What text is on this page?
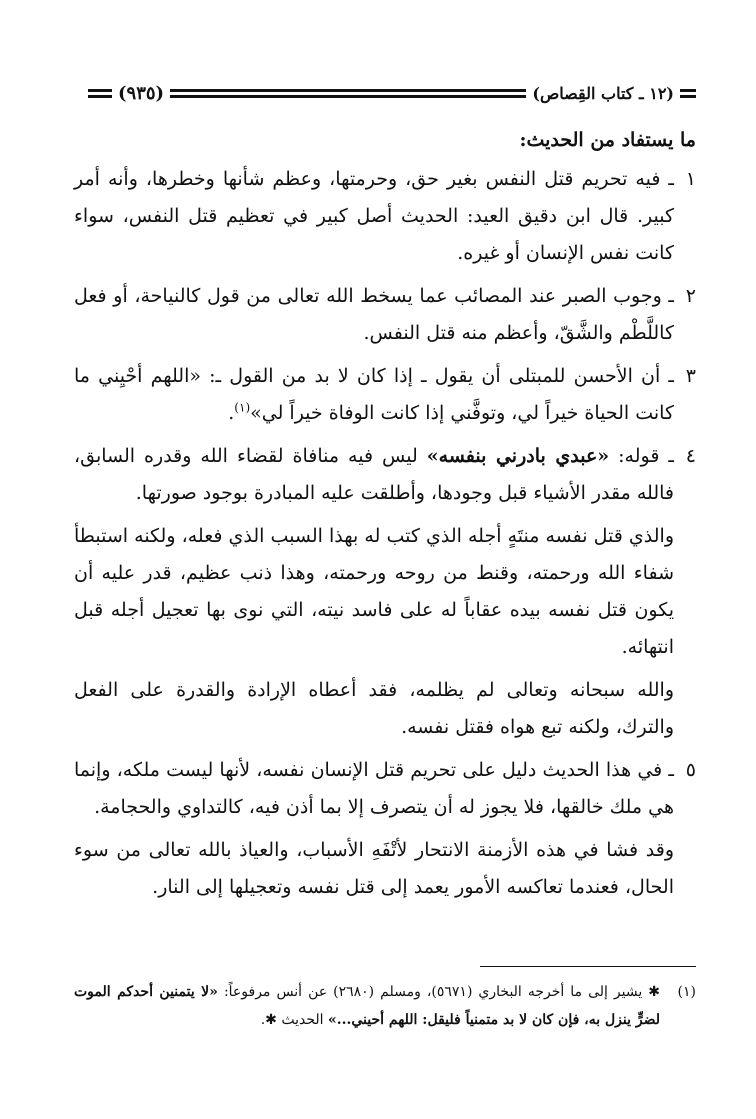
(١٢ ـ كتاب القِصاص)
(٩٣٥)
ما يستفاد من الحديث:
١
ـ فيه تحريم قتل النفس بغير حق، وحرمتها، وعظم شأنها وخطرها، وأنه أمر كبير. قال ابن دقيق العيد: الحديث أصل كبير في تعظيم قتل النفس، سواء كانت نفس الإنسان أو غيره.
٢
ـ وجوب الصبر عند المصائب عما يسخط الله تعالى من قول كالنياحة، أو فعل كاللَّطْم والشَّقّ، وأعظم منه قتل النفس.
٣
ـ أن الأحسن للمبتلى أن يقول ـ إذا كان لا بد من القول ـ: «اللهم أحْيِني ما كانت الحياة خيراً لي، وتوفَّني إذا كانت الوفاة خيراً لي»$^{(١)}$.
٤
ـ قوله: «عبدي بادرني بنفسه» ليس فيه منافاة لقضاء الله وقدره السابق، فالله مقدر الأشياء قبل وجودها، وأطلقت عليه المبادرة بوجود صورتها.
والذي قتل نفسه منتَهٍ أجله الذي كتب له بهذا السبب الذي فعله، ولكنه استبطأ شفاء الله ورحمته، وقنط من روحه ورحمته، وهذا ذنب عظيم، قدر عليه أن يكون قتل نفسه بيده عقاباً له على فاسد نيته، التي نوى بها تعجيل أجله قبل انتهائه.
والله سبحانه وتعالى لم يظلمه، فقد أعطاه الإرادة والقدرة على الفعل والترك، ولكنه تبع هواه فقتل نفسه.
٥
ـ في هذا الحديث دليل على تحريم قتل الإنسان نفسه، لأنها ليست ملكه، وإنما هي ملك خالقها، فلا يجوز له أن يتصرف إلا بما أذن فيه، كالتداوي والحجامة.
وقد فشا في هذه الأزمنة الانتحار لأتْفَهِ الأسباب، والعياذ بالله تعالى من سوء الحال، فعندما تعاكسه الأمور يعمد إلى قتل نفسه وتعجيلها إلى النار.
(١)
✱ يشير إلى ما أخرجه البخاري (٥٦٧١)، ومسلم (٢٦٨٠) عن أنس مرفوعاً: «لا يتمنين أحدكم الموت لضرٍّ ينزل به، فإن كان لا بد متمنياً فليقل: اللهم أحيني...» الحديث ✱.
